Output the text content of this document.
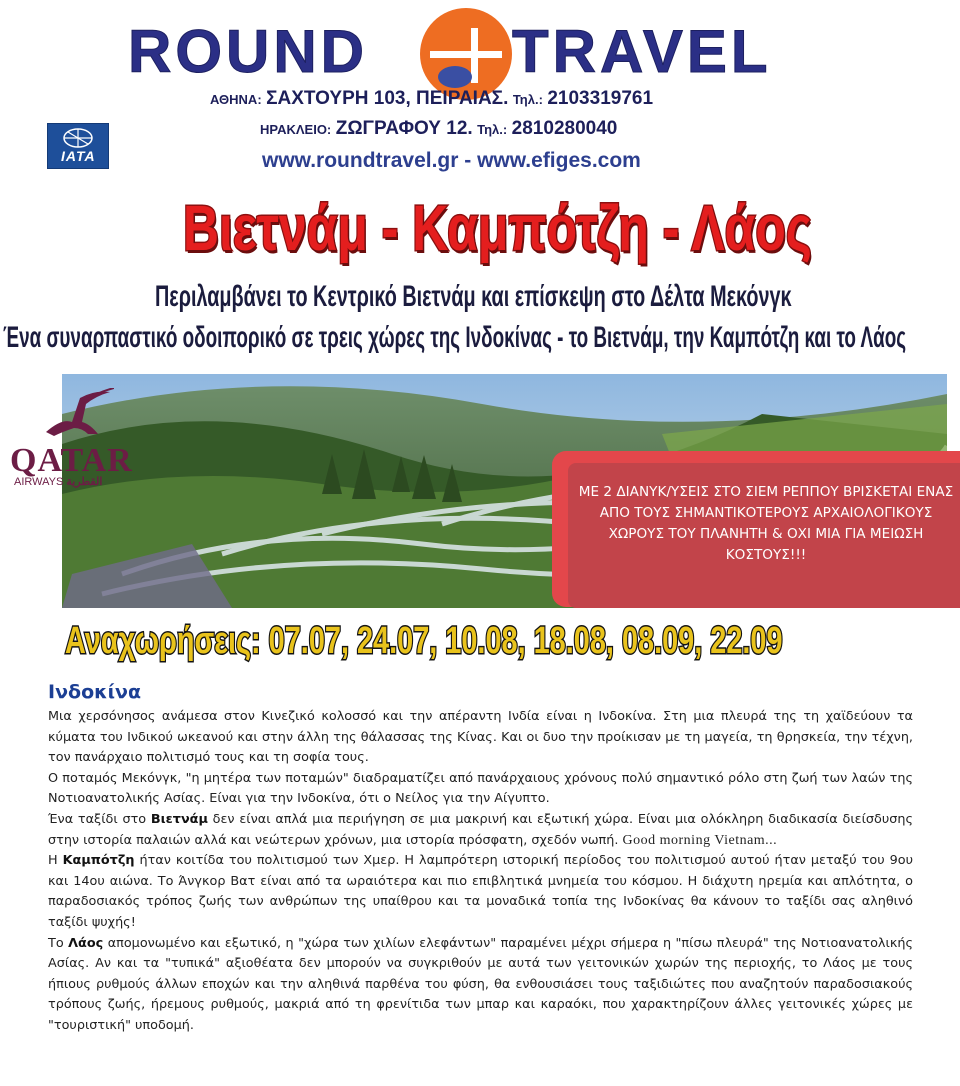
ROUND TRAVEL
ΑΘΗΝΑ: ΣΑΧΤΟΥΡΗ 103, ΠΕΙΡΑΙΑΣ. Τηλ.: 2103319761
ΗΡΑΚΛΕΙΟ: ΖΩΓΡΑΦΟΥ 12. Τηλ.: 2810280040
www.roundtravel.gr - www.efiges.com
IATA
Βιετνάμ - Καμπότζη - Λάος
Περιλαμβάνει το Κεντρικό Βιετνάμ και επίσκεψη στο Δέλτα Μεκόνγκ
Ένα συναρπαστικό οδοιπορικό σε τρεις χώρες της Ινδοκίνας - το Βιετνάμ, την Καμπότζη και το Λάος
QATAR
AIRWAYS القطرية
ΜΕ 2 ΔΙΑΝΥΚ/ΥΣΕΙΣ ΣΤΟ ΣΙΕΜ ΡΕΠΠΟΥ ΒΡΙΣΚΕΤΑΙ ΕΝΑΣ ΑΠΟ ΤΟΥΣ ΣΗΜΑΝΤΙΚΟΤΕΡΟΥΣ ΑΡΧΑΙΟΛΟΓΙΚΟΥΣ ΧΩΡΟΥΣ ΤΟΥ ΠΛΑΝΗΤΗ & ΟΧΙ ΜΙΑ ΓΙΑ ΜΕΙΩΣΗ ΚΟΣΤΟΥΣ!!!
Αναχωρήσεις: 07.07, 24.07, 10.08, 18.08, 08.09, 22.09
Ινδοκίνα

Μια χερσόνησος ανάμεσα στον Κινεζικό κολοσσό και την απέραντη Ινδία είναι η Ινδοκίνα. Στη μια πλευρά της τη χαϊδεύουν τα κύματα του Ινδικού ωκεανού και στην άλλη της θάλασσας της Κίνας. Και οι δυο την προίκισαν με τη μαγεία, τη θρησκεία, την τέχνη, τον πανάρχαιο πολιτισμό τους και τη σοφία τους.

Ο ποταμός Μεκόνγκ, "η μητέρα των ποταμών" διαδραματίζει από πανάρχαιους χρόνους πολύ σημαντικό ρόλο στη ζωή των λαών της Νοτιοανατολικής Ασίας. Είναι για την Ινδοκίνα, ότι ο Νείλος για την Αίγυπτο.

Ένα ταξίδι στο Βιετνάμ δεν είναι απλά μια περιήγηση σε μια μακρινή και εξωτική χώρα. Είναι μια ολόκληρη διαδικασία διείσδυσης στην ιστορία παλαιών αλλά και νεώτερων χρόνων, μια ιστορία πρόσφατη, σχεδόν νωπή. Good morning Vietnam...

Η Καμπότζη ήταν κοιτίδα του πολιτισμού των Χμερ. Η λαμπρότερη ιστορική περίοδος του πολιτισμού αυτού ήταν μεταξύ του 9ου και 14ου αιώνα. Το Άνγκορ Βατ είναι από τα ωραιότερα και πιο επιβλητικά μνημεία του κόσμου. Η διάχυτη ηρεμία και απλότητα, ο παραδοσιακός τρόπος ζωής των ανθρώπων της υπαίθρου και τα μοναδικά τοπία της Ινδοκίνας θα κάνουν το ταξίδι σας αληθινό ταξίδι ψυχής!

Το Λάος απομονωμένο και εξωτικό, η "χώρα των χιλίων ελεφάντων" παραμένει μέχρι σήμερα η "πίσω πλευρά" της Νοτιοανατολικής Ασίας. Αν και τα "τυπικά" αξιοθέατα δεν μπορούν να συγκριθούν με αυτά των γειτονικών χωρών της περιοχής, το Λάος με τους ήπιους ρυθμούς άλλων εποχών και την αληθινά παρθένα του φύση, θα ενθουσιάσει τους ταξιδιώτες που αναζητούν παραδοσιακούς τρόπους ζωής, ήρεμους ρυθμούς, μακριά από τη φρενίτιδα των μπαρ και καραόκι, που χαρακτηρίζουν άλλες γειτονικές χώρες με "τουριστική" υποδομή.
